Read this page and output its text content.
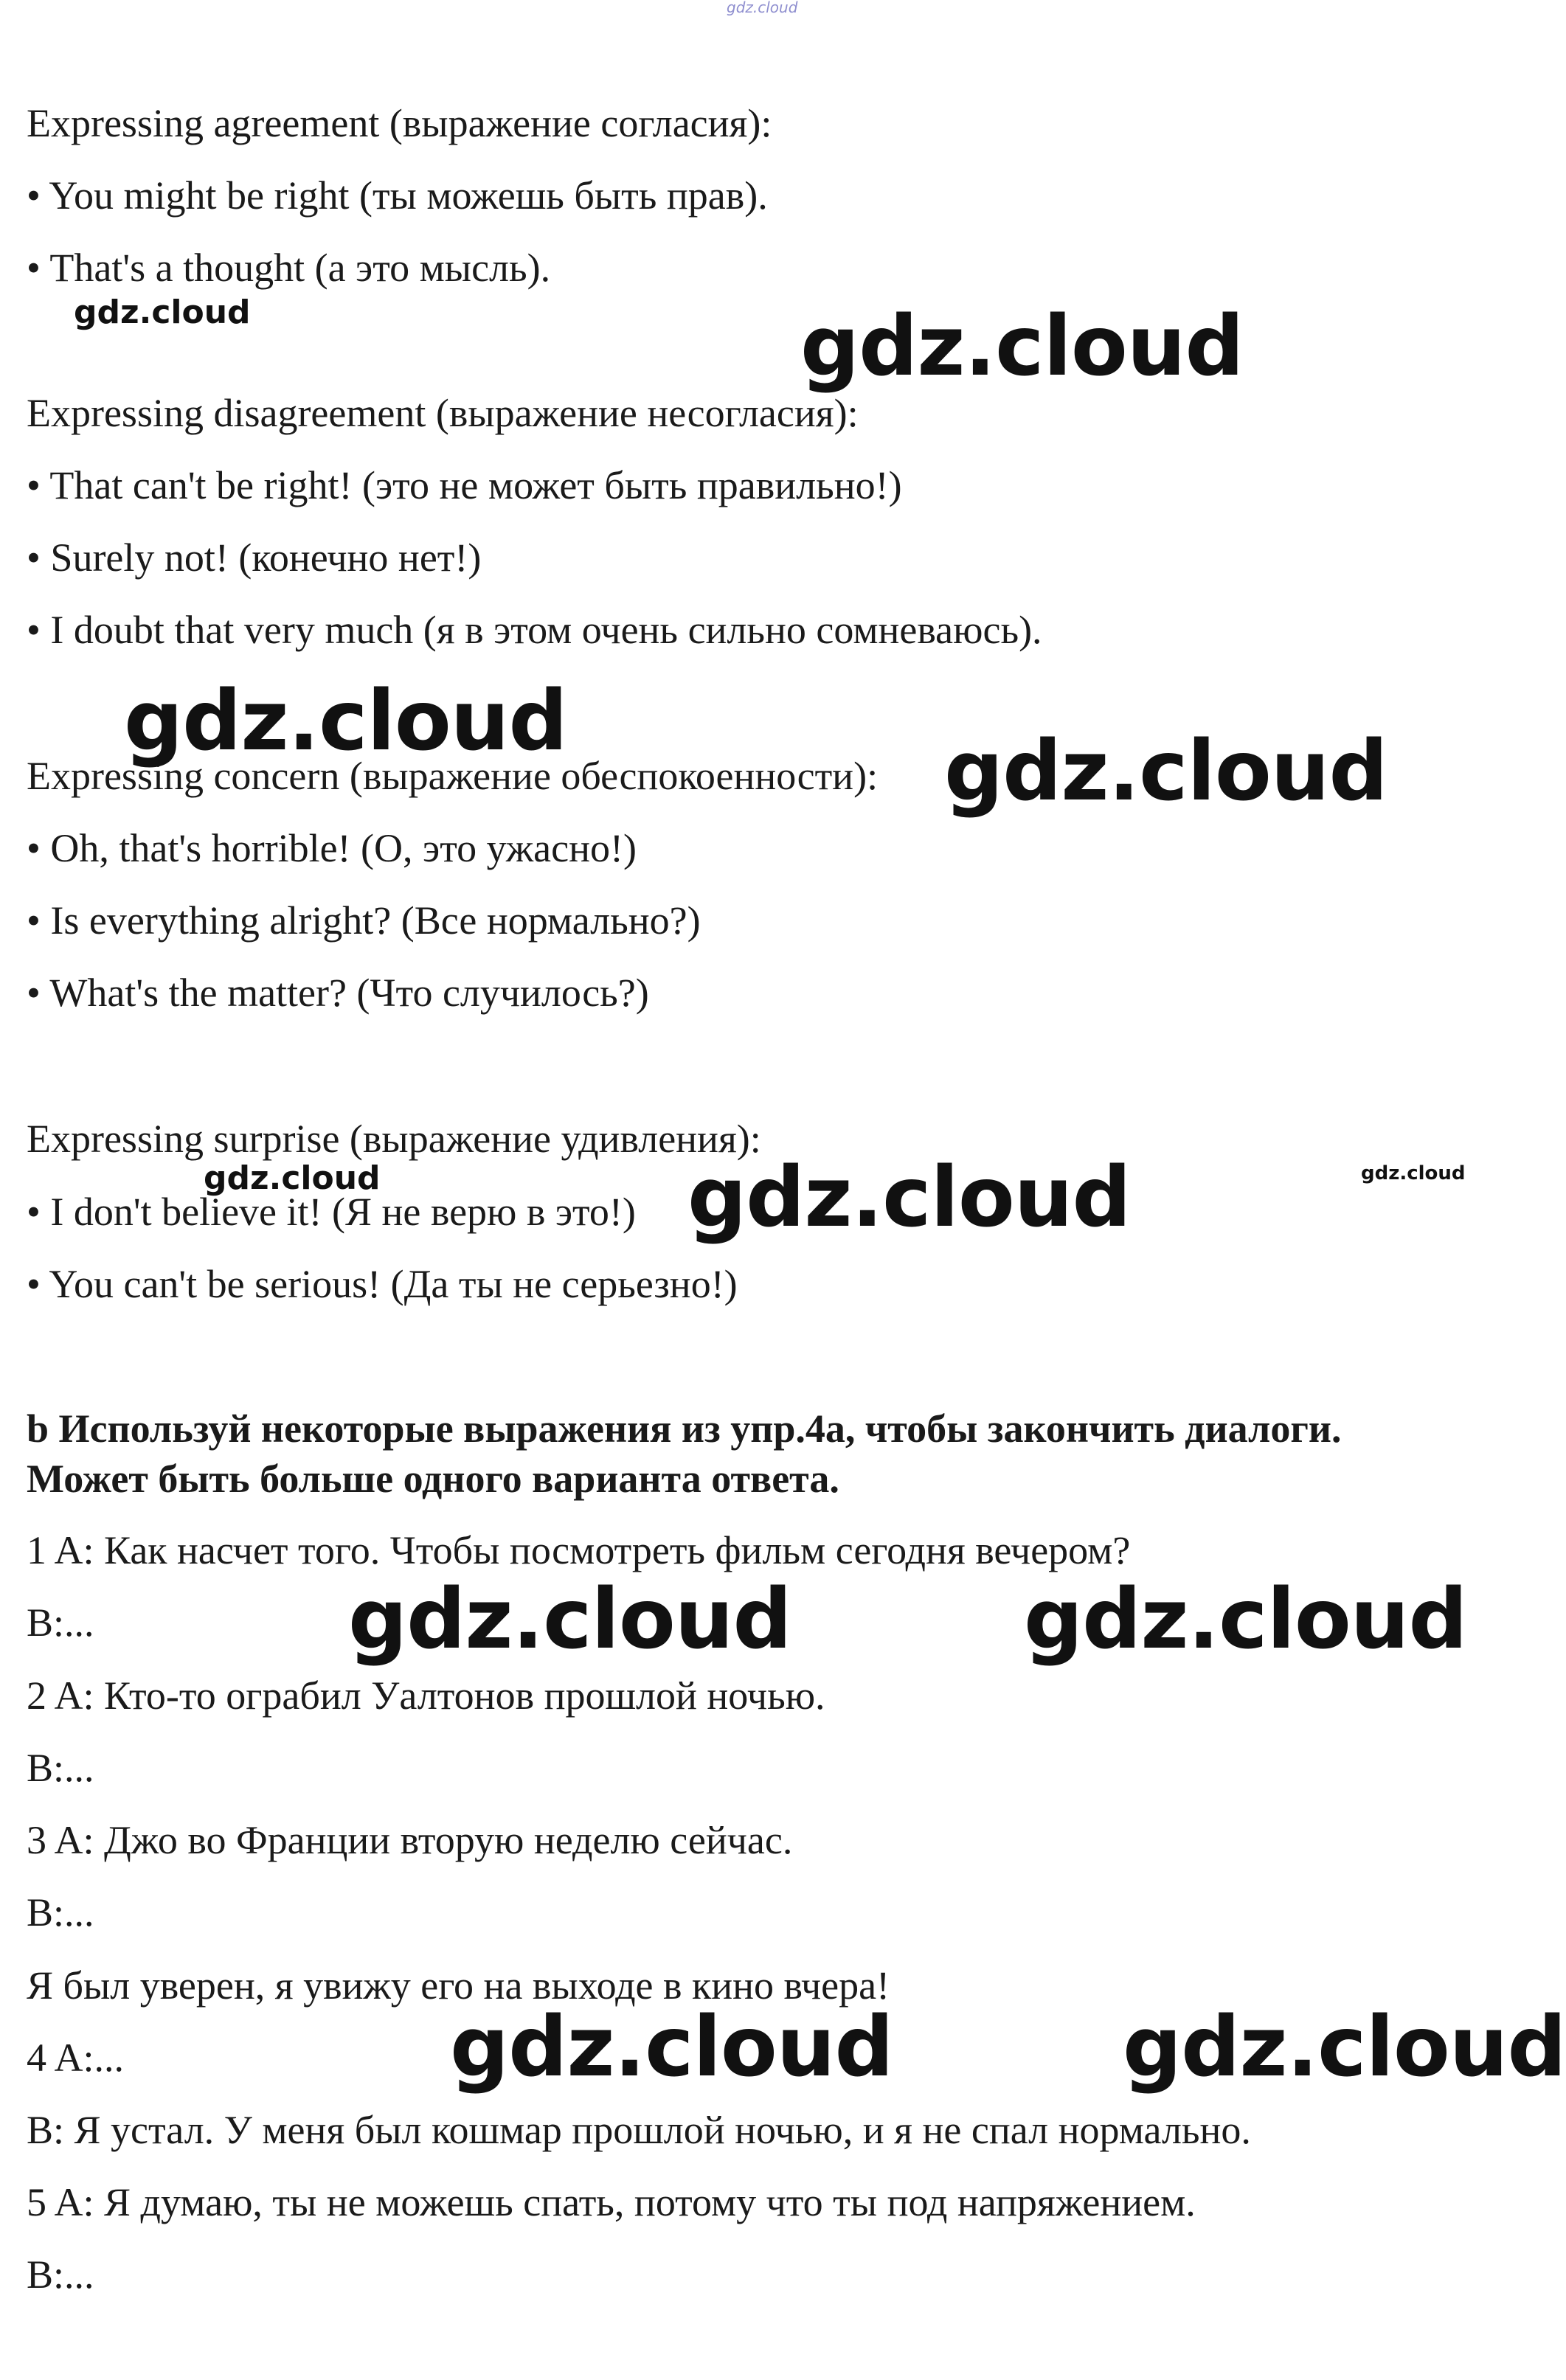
gdz.cloud
Expressing agreement (выражение согласия):
• You might be right (ты можешь быть прав).
• That's a thought (а это мысль).
Expressing disagreement (выражение несогласия):
• That can't be right! (это не может быть правильно!)
• Surely not! (конечно нет!)
• I doubt that very much (я в этом очень сильно сомневаюсь).
Expressing concern (выражение обеспокоенности):
• Oh, that's horrible! (О, это ужасно!)
• Is everything alright? (Все нормально?)
• What's the matter? (Что случилось?)
Expressing surprise (выражение удивления):
• I don't believe it! (Я не верю в это!)
• You can't be serious! (Да ты не серьезно!)
b Используй некоторые выражения из упр.4а, чтобы закончить диалоги.
Может быть больше одного варианта ответа.
1 A: Как насчет того. Чтобы посмотреть фильм сегодня вечером?
B:...
2 A: Кто-то ограбил Уалтонов прошлой ночью.
B:...
3 A: Джо во Франции вторую неделю сейчас.
B:...
Я был уверен, я увижу его на выходе в кино вчера!
4 A:...
B: Я устал. У меня был кошмар прошлой ночью, и я не спал нормально.
5 A: Я думаю, ты не можешь спать, потому что ты под напряжением.
B:...
gdz.cloud	gdz.cloud
gdz.cloud
gdz.cloud
gdz.cloud	gdz.cloud
gdz.cloud
gdz.cloud	gdz.cloud
gdz.cloud	gdz.cloud
